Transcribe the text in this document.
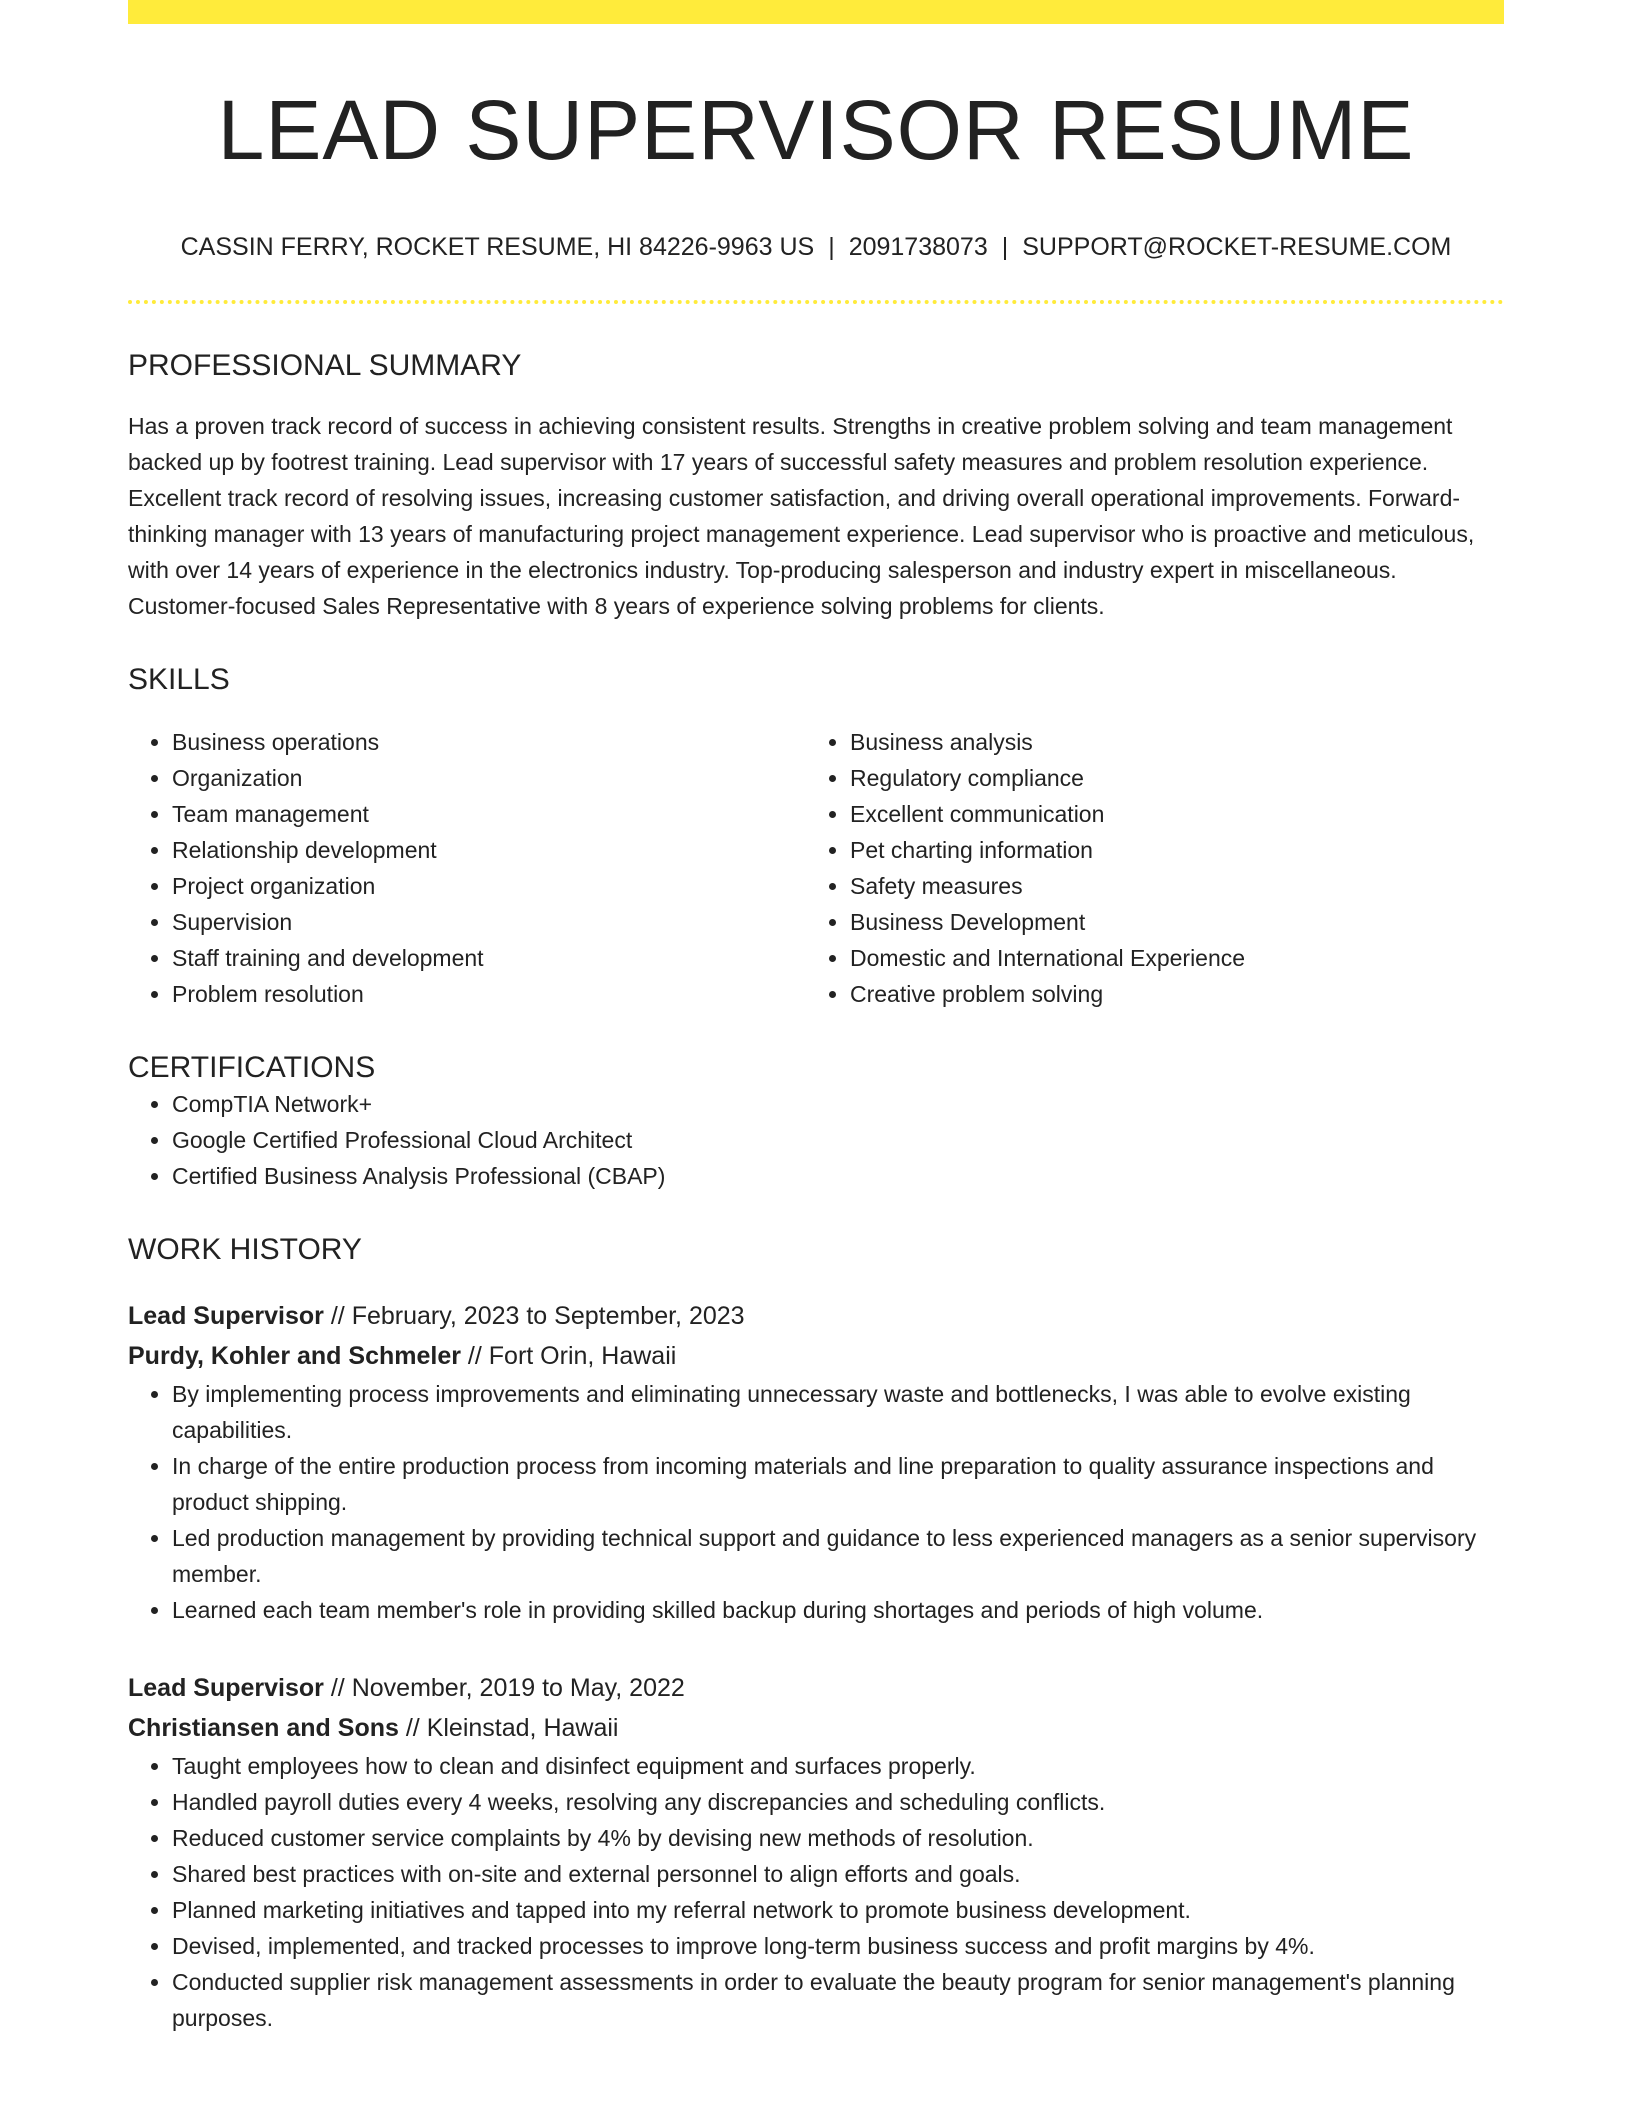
LEAD SUPERVISOR RESUME
CASSIN FERRY, ROCKET RESUME, HI 84226-9963 US | 2091738073 | SUPPORT@ROCKET-RESUME.COM
PROFESSIONAL SUMMARY

Has a proven track record of success in achieving consistent results. Strengths in creative problem solving and team management backed up by footrest training. Lead supervisor with 17 years of successful safety measures and problem resolution experience. Excellent track record of resolving issues, increasing customer satisfaction, and driving overall operational improvements. Forward-thinking manager with 13 years of manufacturing project management experience. Lead supervisor who is proactive and meticulous, with over 14 years of experience in the electronics industry. Top-producing salesperson and industry expert in miscellaneous. Customer-focused Sales Representative with 8 years of experience solving problems for clients.

SKILLS
• Business operations
• Organization
• Team management
• Relationship development
• Project organization
• Supervision
• Staff training and development
• Problem resolution
• Business analysis
• Regulatory compliance
• Excellent communication
• Pet charting information
• Safety measures
• Business Development
• Domestic and International Experience
• Creative problem solving
CERTIFICATIONS
• CompTIA Network+
• Google Certified Professional Cloud Architect
• Certified Business Analysis Professional (CBAP)
WORK HISTORY
Lead Supervisor // February, 2023 to September, 2023
Purdy, Kohler and Schmeler // Fort Orin, Hawaii
• By implementing process improvements and eliminating unnecessary waste and bottlenecks, I was able to evolve existing capabilities.
• In charge of the entire production process from incoming materials and line preparation to quality assurance inspections and product shipping.
• Led production management by providing technical support and guidance to less experienced managers as a senior supervisory member.
• Learned each team member's role in providing skilled backup during shortages and periods of high volume.
Lead Supervisor // November, 2019 to May, 2022
Christiansen and Sons // Kleinstad, Hawaii
• Taught employees how to clean and disinfect equipment and surfaces properly.
• Handled payroll duties every 4 weeks, resolving any discrepancies and scheduling conflicts.
• Reduced customer service complaints by 4% by devising new methods of resolution.
• Shared best practices with on-site and external personnel to align efforts and goals.
• Planned marketing initiatives and tapped into my referral network to promote business development.
• Devised, implemented, and tracked processes to improve long-term business success and profit margins by 4%.
• Conducted supplier risk management assessments in order to evaluate the beauty program for senior management's planning purposes.
